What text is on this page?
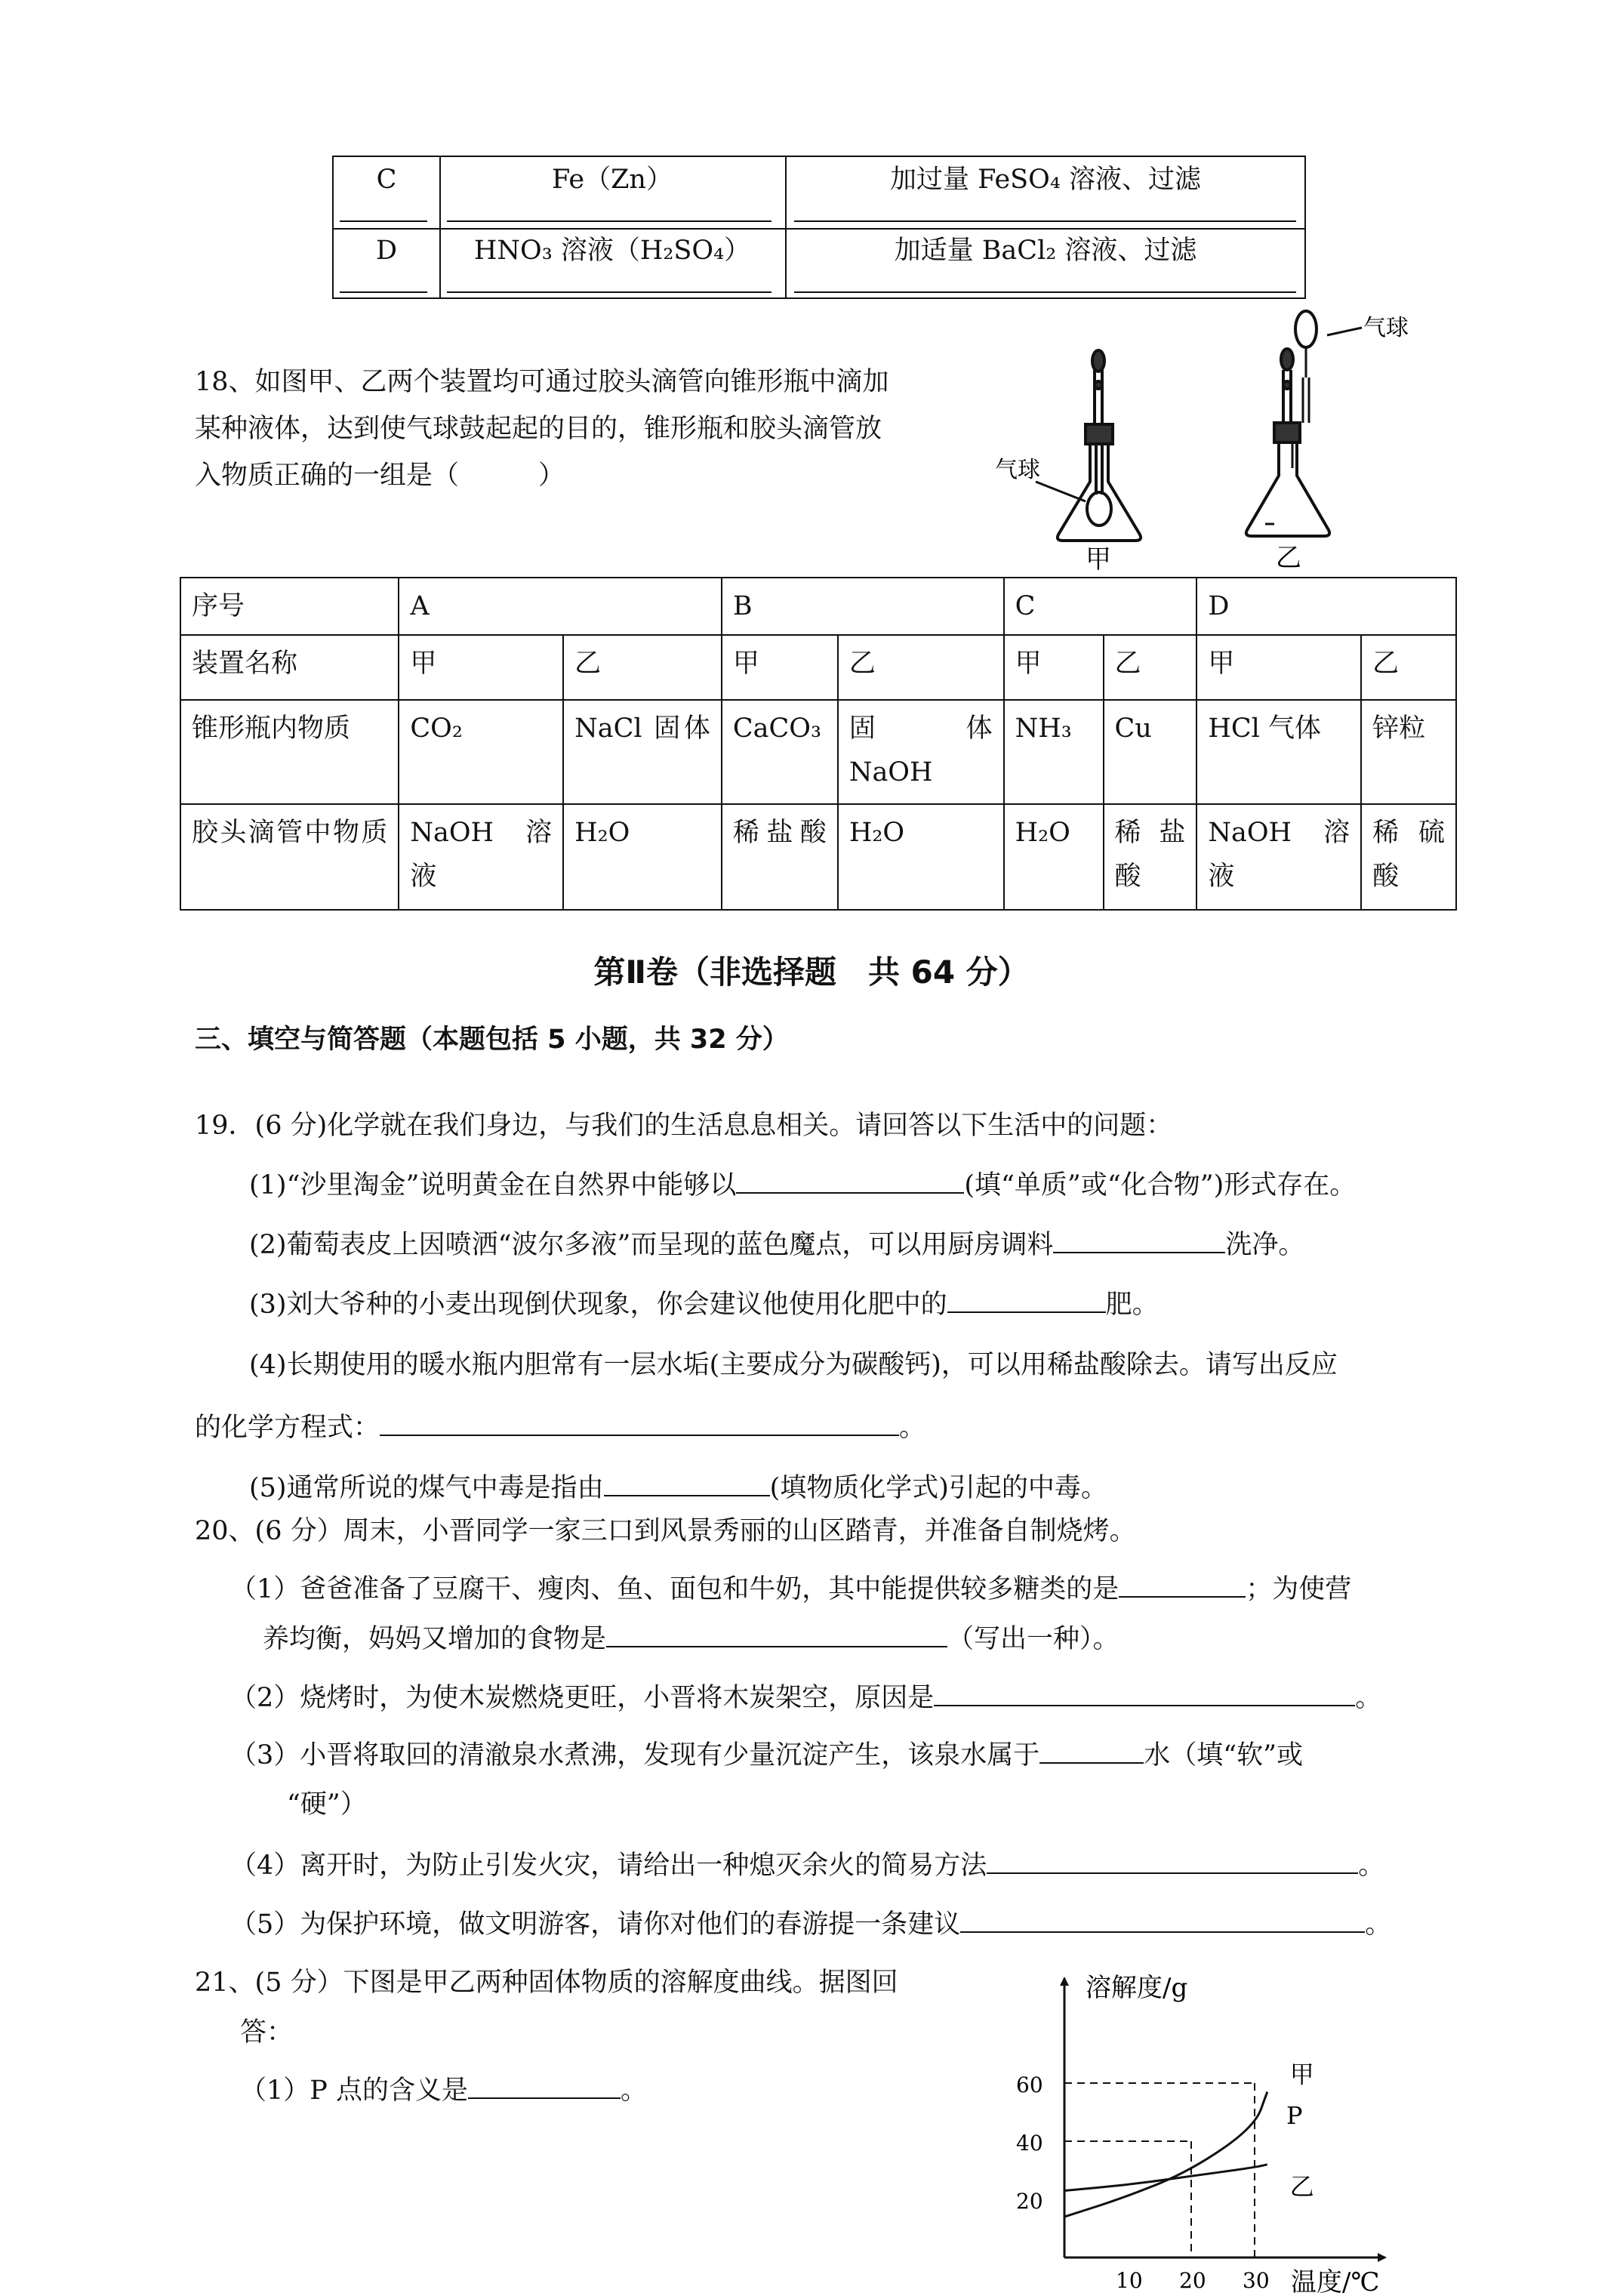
C	Fe（Zn）	加过量 FeSO₄ 溶液、过滤
D	HNO₃ 溶液（H₂SO₄）	加适量 BaCl₂ 溶液、过滤
18、如图甲、乙两个装置均可通过胶头滴管向锥形瓶中滴加
某种液体，达到使气球鼓起起的目的，锥形瓶和胶头滴管放
入物质正确的一组是（　　　）	气球
气球
甲	乙
序号	A		B		C		D	
装置名称	甲	乙	甲	乙	甲	乙	甲	乙
锥形瓶内物质	CO₂	NaCl 固体	CaCO₃	固体 NaOH	NH₃	Cu	HCl 气体	锌粒
胶头滴管中物质	NaOH 溶液	H₂O	稀盐酸	H₂O	H₂O	稀盐酸	NaOH 溶液	稀硫酸
第Ⅱ卷（非选择题　共 64 分）
三、填空与简答题（本题包括 5 小题，共 32 分）
19．(6 分)化学就在我们身边，与我们的生活息息相关。请回答以下生活中的问题：
(1)“沙里淘金”说明黄金在自然界中能够以	(填“单质”或“化合物”)形式存在。
(2)葡萄表皮上因喷洒“波尔多液”而呈现的蓝色魔点，可以用厨房调料	洗净。
(3)刘大爷种的小麦出现倒伏现象，你会建议他使用化肥中的	肥。
(4)长期使用的暖水瓶内胆常有一层水垢(主要成分为碳酸钙)，可以用稀盐酸除去。请写出反应
的化学方程式：	。
(5)通常所说的煤气中毒是指由	(填物质化学式)引起的中毒。
20、(6 分）周末，小晋同学一家三口到风景秀丽的山区踏青，并准备自制烧烤。
（1）爸爸准备了豆腐干、瘦肉、鱼、面包和牛奶，其中能提供较多糖类的是	；为使营
养均衡，妈妈又增加的食物是	（写出一种）。
（2）烧烤时，为使木炭燃烧更旺，小晋将木炭架空，原因是	。
（3）小晋将取回的清澈泉水煮沸，发现有少量沉淀产生，该泉水属于	水（填“软”或
“硬”）
（4）离开时，为防止引发火灾，请给出一种熄灭余火的简易方法	。
（5）为保护环境，做文明游客，请你对他们的春游提一条建议	。
21、(5 分）下图是甲乙两种固体物质的溶解度曲线。据图回
答：
（1）P 点的含义是	。
溶解度/g
温度/℃
20
40
60
10 20 30
甲
乙
P
